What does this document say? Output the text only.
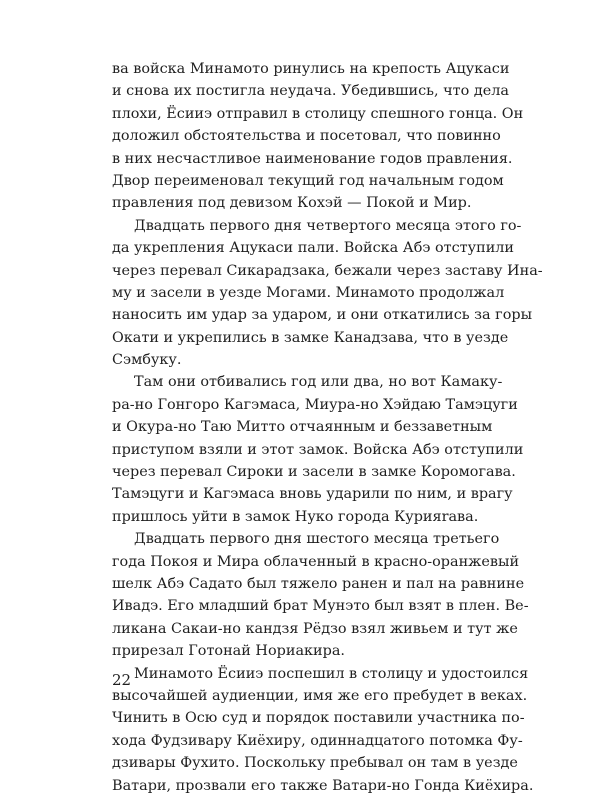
ва войска Минамото ринулись на крепость Ацукаси
и снова их постигла неудача. Убедившись, что дела
плохи, Ёсииэ отправил в столицу спешного гонца. Он
доложил обстоятельства и посетовал, что повинно
в них несчастливое наименование годов правления.
Двор переименовал текущий год начальным годом
правления под девизом Кохэй — Покой и Мир.
Двадцать первого дня четвертого месяца этого го-
да укрепления Ацукаси пали. Войска Абэ отступили
через перевал Сикарадзака, бежали через заставу Ина-
му и засели в уезде Могами. Минамото продолжал
наносить им удар за ударом, и они откатились за горы
Окати и укрепились в замке Канадзава, что в уезде
Сэмбуку.
Там они отбивались год или два, но вот Камаку-
ра-но Гонгоро Кагэмаса, Миура-но Хэйдаю Тамэцуги
и Окура-но Таю Митто отчаянным и беззаветным
приступом взяли и этот замок. Войска Абэ отступили
через перевал Сироки и засели в замке Коромогава.
Тамэцуги и Кагэмаса вновь ударили по ним, и врагу
пришлось уйти в замок Нуко города Курияrава.
Двадцать первого дня шестого месяца третьего
года Покоя и Мира облаченный в красно-оранжевый
шелк Абэ Садато был тяжело ранен и пал на равнине
Ивадэ. Его младший брат Мунэто был взят в плен. Ве-
ликана Сакаи-но кандзя Рёдзо взял живьем и тут же
прирезал Готонай Нориакира.
Минамото Ёсииэ поспешил в столицу и удостоился
высочайшей аудиенции, имя же его пребудет в веках.
Чинить в Осю суд и порядок поставили участника по-
хода Фудзивару Киёхиру, одиннадцатого потомка Фу-
дзивары Фухито. Поскольку пребывал он там в уезде
Ватари, прозвали его также Ватари-но Гонда Киёхира.
22
